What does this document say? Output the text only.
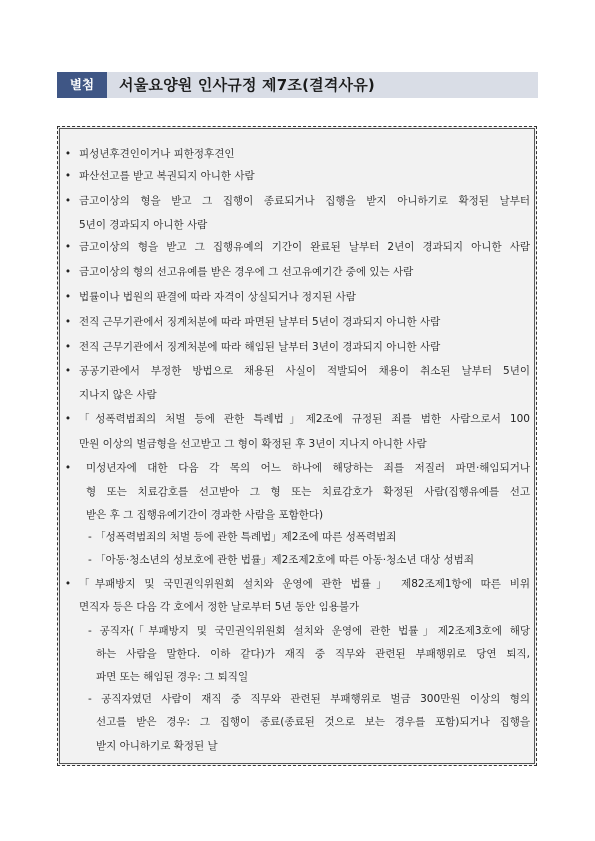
별첨	서울요양원 인사규정 제7조(결격사유)
• 피성년후견인이거나 피한정후견인
• 파산선고를 받고 복권되지 아니한 사람
• 금고이상의 형을 받고 그 집행이 종료되거나 집행을 받지 아니하기로 확정된 날부터
5년이 경과되지 아니한 사람
• 금고이상의 형을 받고 그 집행유예의 기간이 완료된 날부터 2년이 경과되지 아니한 사람
• 금고이상의 형의 선고유예를 받은 경우에 그 선고유예기간 중에 있는 사람
• 법률이나 법원의 판결에 따라 자격이 상실되거나 정지된 사람
• 전직 근무기관에서 징계처분에 따라 파면된 날부터 5년이 경과되지 아니한 사람
• 전직 근무기관에서 징계처분에 따라 해임된 날부터 3년이 경과되지 아니한 사람
• 공공기관에서 부정한 방법으로 채용된 사실이 적발되어 채용이 취소된 날부터 5년이
지나지 않은 사람
• 「성폭력범죄의 처벌 등에 관한 특례법」제2조에 규정된 죄를 범한 사람으로서 100
만원 이상의 벌금형을 선고받고 그 형이 확정된 후 3년이 지나지 아니한 사람
• 미성년자에 대한 다음 각 목의 어느 하나에 해당하는 죄를 저질러 파면·해임되거나
형 또는 치료감호를 선고받아 그 형 또는 치료감호가 확정된 사람(집행유예를 선고
받은 후 그 집행유예기간이 경과한 사람을 포함한다)
- 「성폭력범죄의 처벌 등에 관한 특례법」제2조에 따른 성폭력범죄
- 「아동·청소년의 성보호에 관한 법률」제2조제2호에 따른 아동·청소년 대상 성범죄
• 「부패방지 및 국민권익위원회 설치와 운영에 관한 법률」 제82조제1항에 따른 비위
면직자 등은 다음 각 호에서 정한 날로부터 5년 동안 임용불가
- 공직자(「부패방지 및 국민권익위원회 설치와 운영에 관한 법률」제2조제3호에 해당
하는 사람을 말한다. 이하 같다)가 재직 중 직무와 관련된 부패행위로 당연 퇴직,
파면 또는 해임된 경우: 그 퇴직일
- 공직자였던 사람이 재직 중 직무와 관련된 부패행위로 벌금 300만원 이상의 형의
선고를 받은 경우: 그 집행이 종료(종료된 것으로 보는 경우를 포함)되거나 집행을
받지 아니하기로 확정된 날
